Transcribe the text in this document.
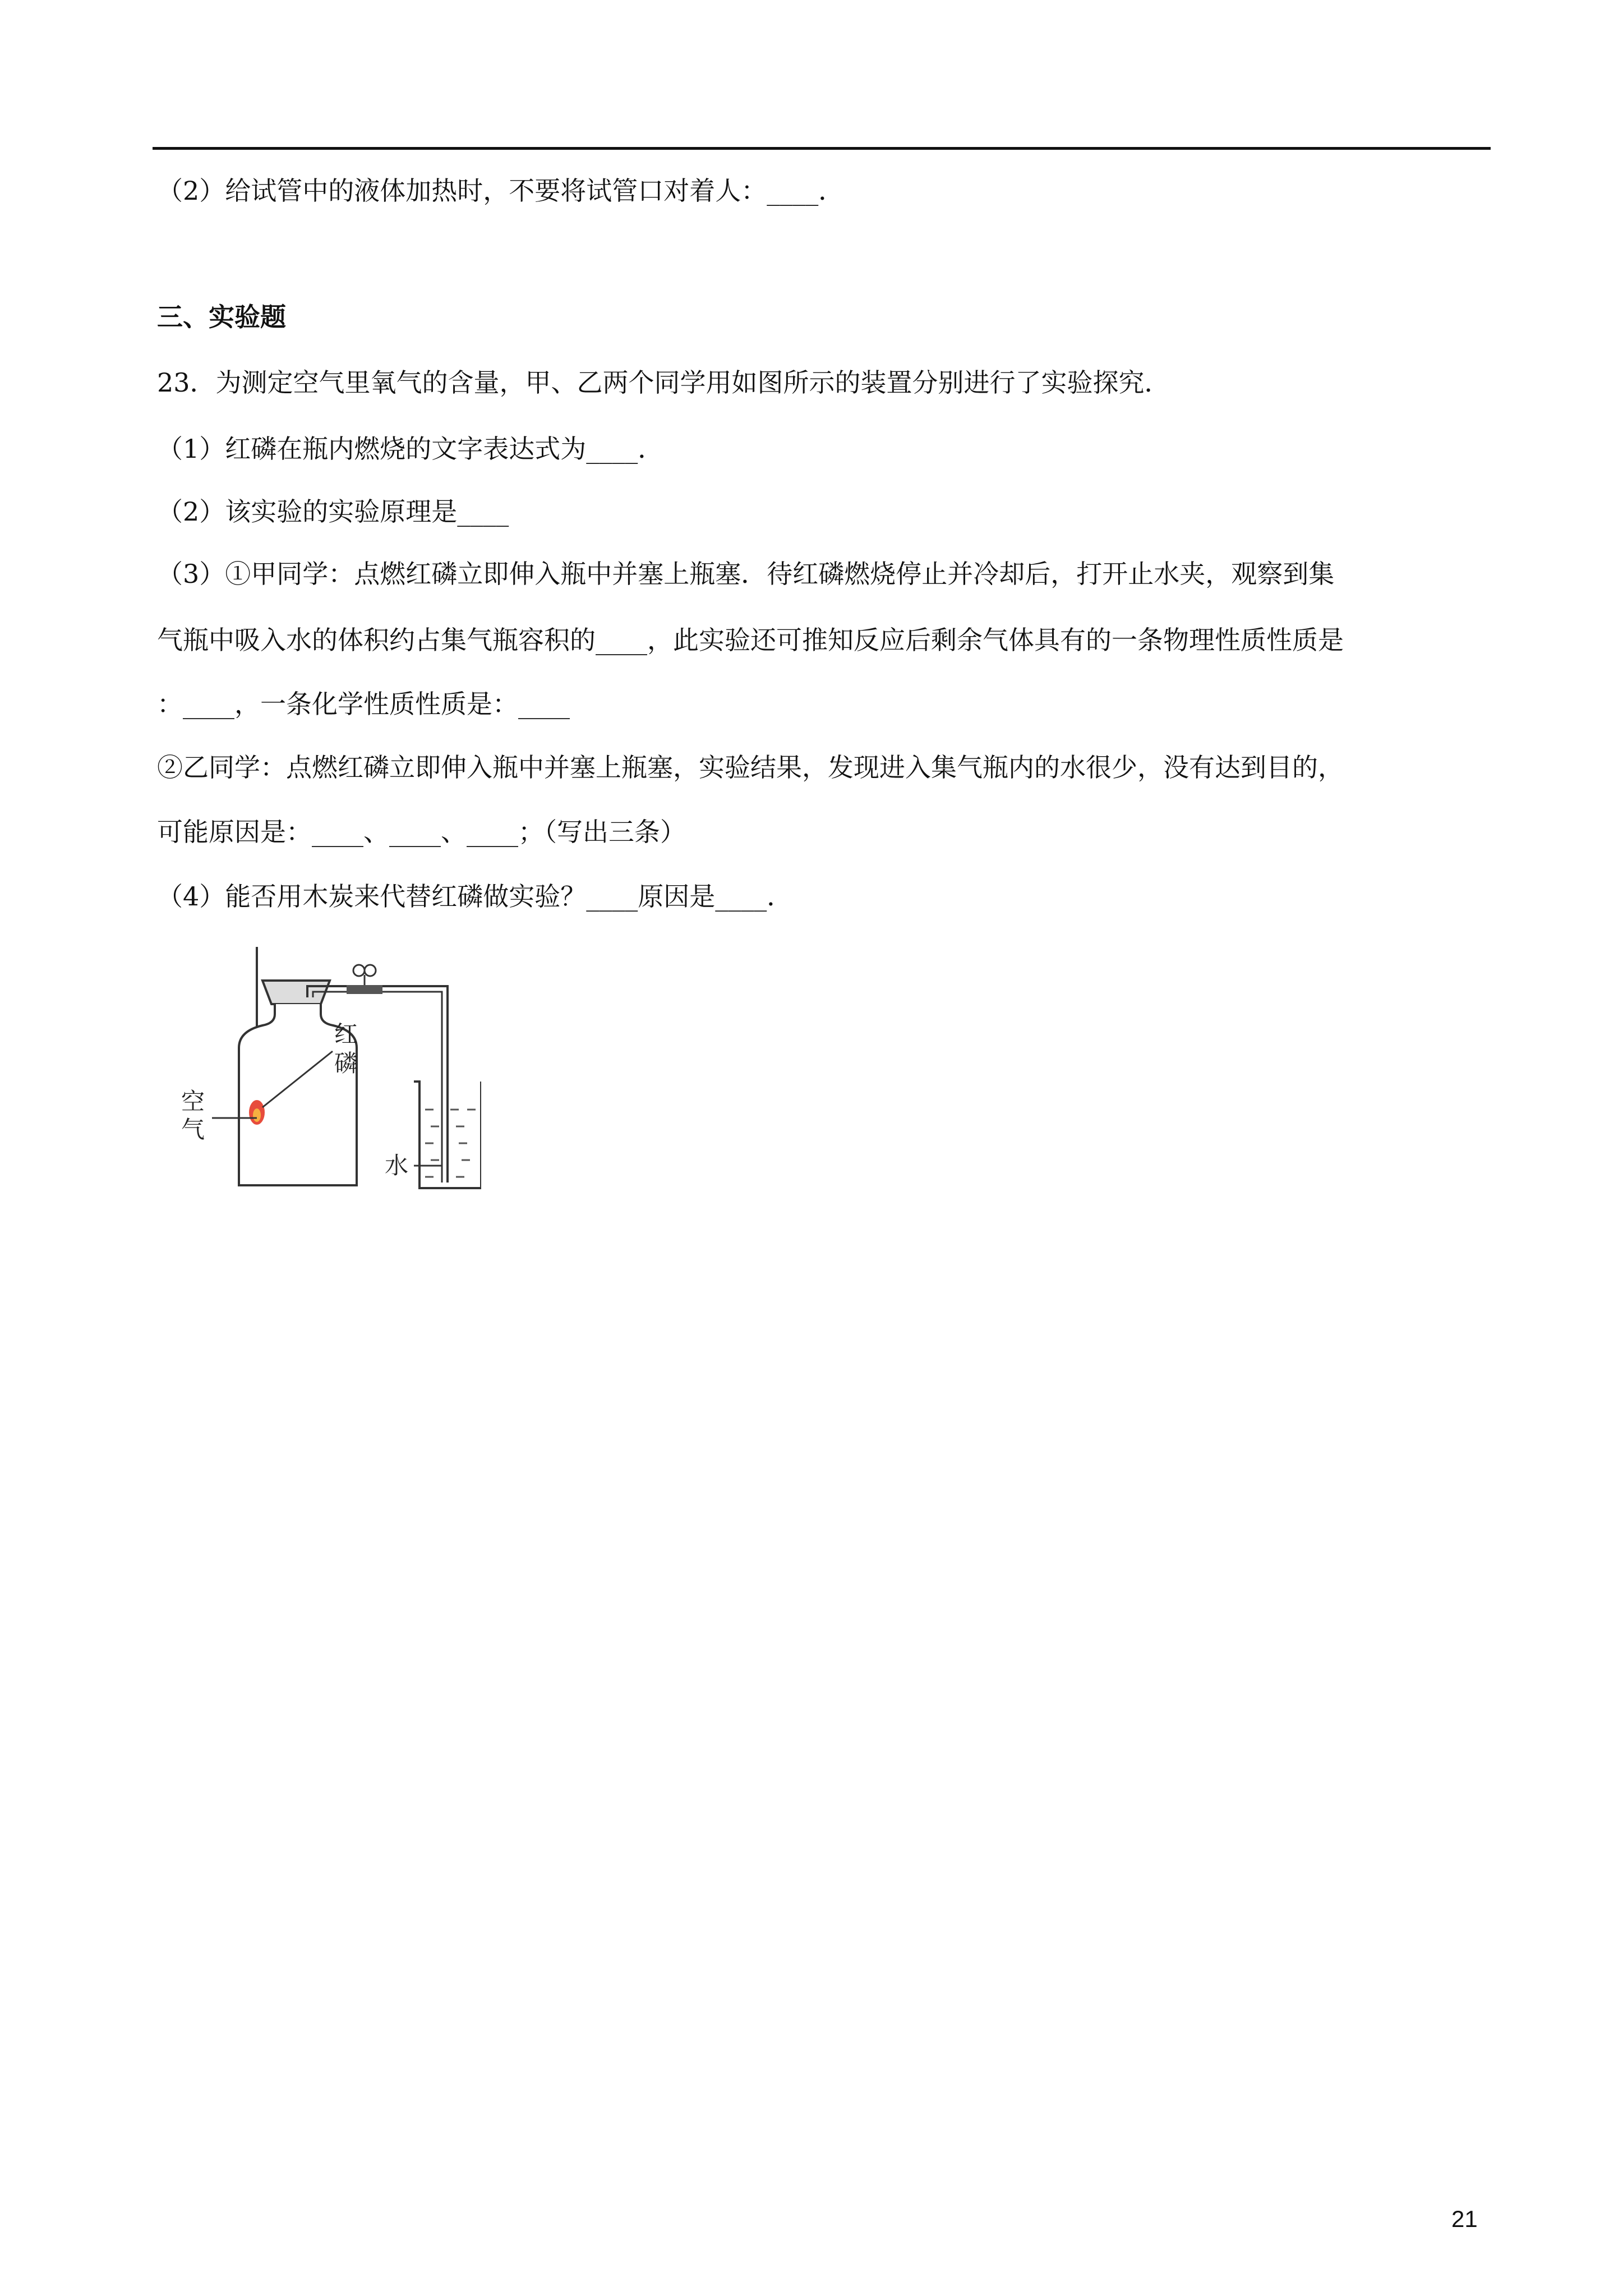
（2）给试管中的液体加热时，不要将试管口对着人：____．
三、实验题
23．为测定空气里氧气的含量，甲、乙两个同学用如图所示的装置分别进行了实验探究．
（1）红磷在瓶内燃烧的文字表达式为____．
（2）该实验的实验原理是____
（3）①甲同学：点燃红磷立即伸入瓶中并塞上瓶塞．待红磷燃烧停止并冷却后，打开止水夹，观察到集
气瓶中吸入水的体积约占集气瓶容积的____，此实验还可推知反应后剩余气体具有的一条物理性质性质是
：____，一条化学性质性质是：____
②乙同学：点燃红磷立即伸入瓶中并塞上瓶塞，实验结果，发现进入集气瓶内的水很少，没有达到目的，
可能原因是：____、____、____；（写出三条）
（4）能否用木炭来代替红磷做实验？____原因是____．
空
气
红
磷
水
21
